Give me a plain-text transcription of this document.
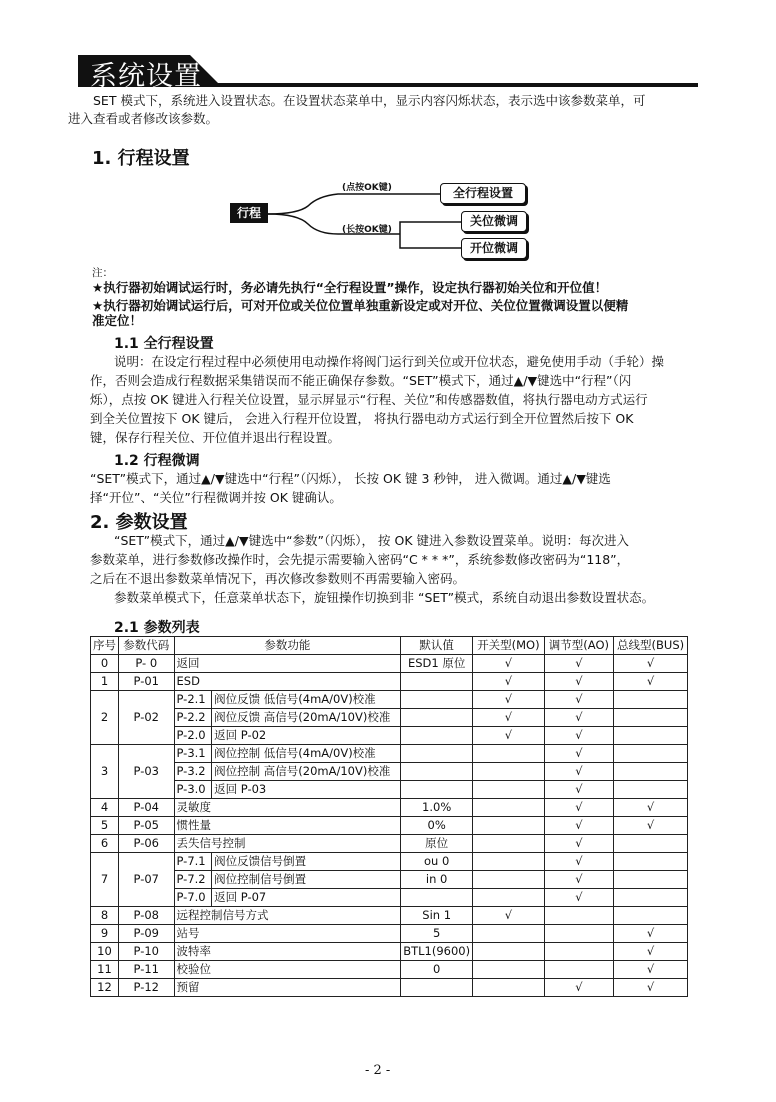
系统设置
SET 模式下，系统进入设置状态。在设置状态菜单中，显示内容闪烁状态，表示选中该参数菜单，可
进入查看或者修改该参数。
1. 行程设置
行程
(点按OK键)
(长按OK键)
全行程设置
关位微调
开位微调
注：
★执行器初始调试运行时，务必请先执行“全行程设置”操作，设定执行器初始关位和开位值！
★执行器初始调试运行后，可对开位或关位位置单独重新设定或对开位、关位位置微调设置以便精
准定位！
1.1 全行程设置
说明：在设定行程过程中必须使用电动操作将阀门运行到关位或开位状态，避免使用手动（手轮）操
作，否则会造成行程数据采集错误而不能正确保存参数。“SET”模式下，通过▲/▼键选中“行程”（闪
烁），点按 OK 键进入行程关位设置，显示屏显示“行程、关位”和传感器数值，将执行器电动方式运行
到全关位置按下 OK 键后， 会进入行程开位设置， 将执行器电动方式运行到全开位置然后按下 OK
键，保存行程关位、开位值并退出行程设置。
1.2 行程微调
“SET”模式下，通过▲/▼键选中“行程”（闪烁）， 长按 OK 键 3 秒钟， 进入微调。通过▲/▼键选
择“开位”、“关位”行程微调并按 OK 键确认。
2. 参数设置
“SET”模式下，通过▲/▼键选中“参数”（闪烁）， 按 OK 键进入参数设置菜单。说明：每次进入
参数菜单，进行参数修改操作时，会先提示需要输入密码“C * * *”，系统参数修改密码为“118”，
之后在不退出参数菜单情况下，再次修改参数则不再需要输入密码。
参数菜单模式下，任意菜单状态下，旋钮操作切换到非 “SET”模式，系统自动退出参数设置状态。
2.1 参数列表
序号	参数代码	参数功能		默认值	开关型(MO)	调节型(AO)	总线型(BUS)
0	P- 0	返回		ESD1 原位	√	√	√
1	P-01	ESD			√	√	√
2	P-02	P-2.1	阀位反馈 低信号(4mA/0V)校准		√	√	
		P-2.2	阀位反馈 高信号(20mA/10V)校准		√	√	
		P-2.0	返回 P-02		√	√	
3	P-03	P-3.1	阀位控制 低信号(4mA/0V)校准			√	
		P-3.2	阀位控制 高信号(20mA/10V)校准			√	
		P-3.0	返回 P-03			√	
4	P-04	灵敏度		1.0%		√	√
5	P-05	惯性量		0%		√	√
6	P-06	丢失信号控制		原位		√	
7	P-07	P-7.1	阀位反馈信号倒置	ou 0		√	
		P-7.2	阀位控制信号倒置	in 0		√	
		P-7.0	返回 P-07			√	
8	P-08	远程控制信号方式		Sin 1	√		
9	P-09	站号		5			√
10	P-10	波特率		BTL1(9600)			√
11	P-11	校验位		0			√
12	P-12	预留				√	√
- 2 -
